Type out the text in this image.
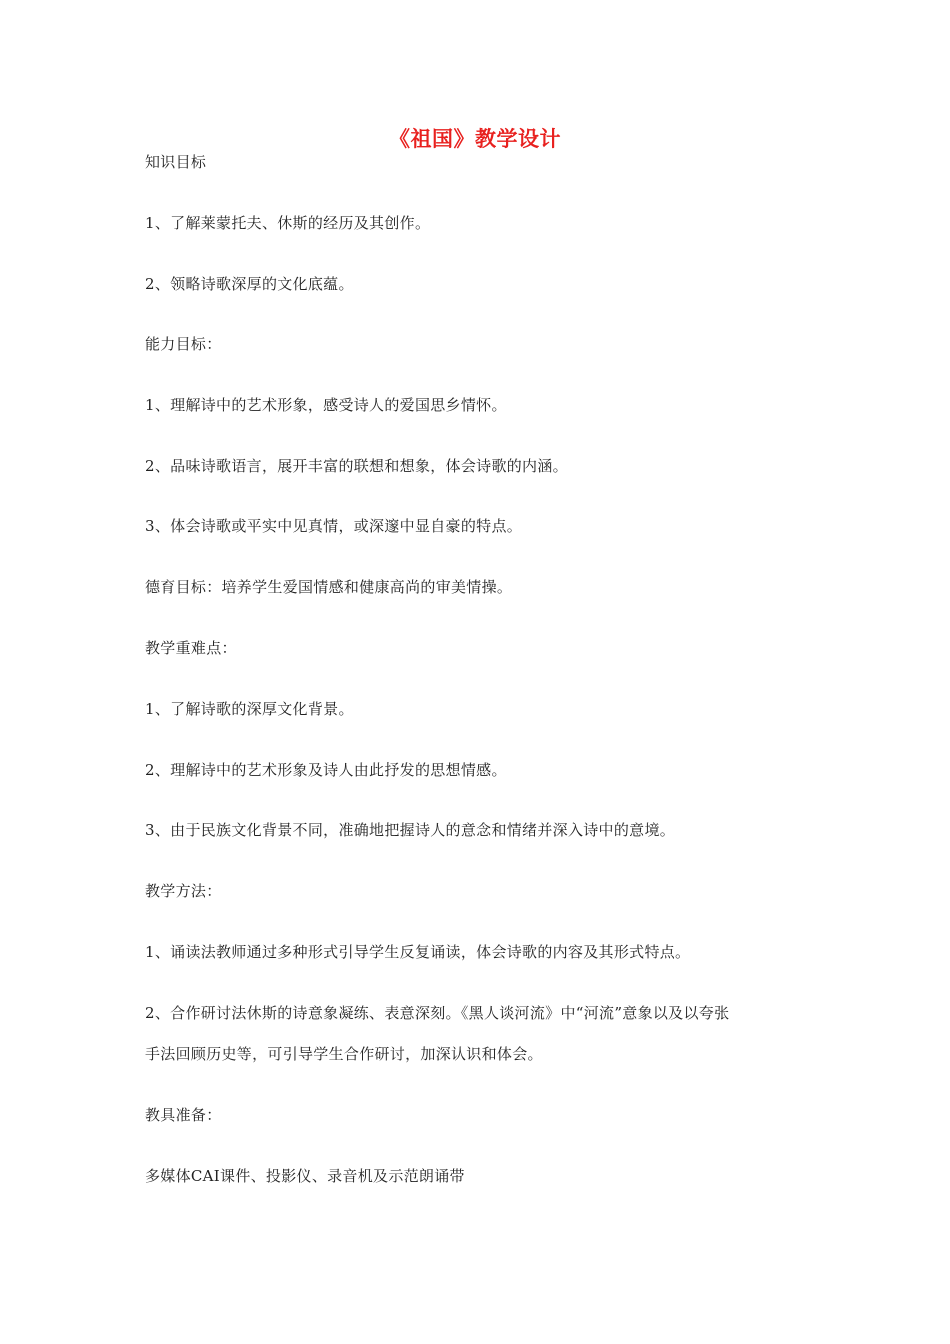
《祖国》教学设计
知识目标
1、了解莱蒙托夫、休斯的经历及其创作。
2、领略诗歌深厚的文化底蕴。
能力目标：
1、理解诗中的艺术形象，感受诗人的爱国思乡情怀。
2、品味诗歌语言，展开丰富的联想和想象，体会诗歌的内涵。
3、体会诗歌或平实中见真情，或深邃中显自豪的特点。
德育目标：培养学生爱国情感和健康高尚的审美情操。
教学重难点：
1、了解诗歌的深厚文化背景。
2、理解诗中的艺术形象及诗人由此抒发的思想情感。
3、由于民族文化背景不同，准确地把握诗人的意念和情绪并深入诗中的意境。
教学方法：
1、诵读法教师通过多种形式引导学生反复诵读，体会诗歌的内容及其形式特点。
2、合作研讨法休斯的诗意象凝练、表意深刻。《黑人谈河流》中“河流”意象以及以夸张
手法回顾历史等，可引导学生合作研讨，加深认识和体会。
教具准备：
多媒体CAI课件、投影仪、录音机及示范朗诵带
